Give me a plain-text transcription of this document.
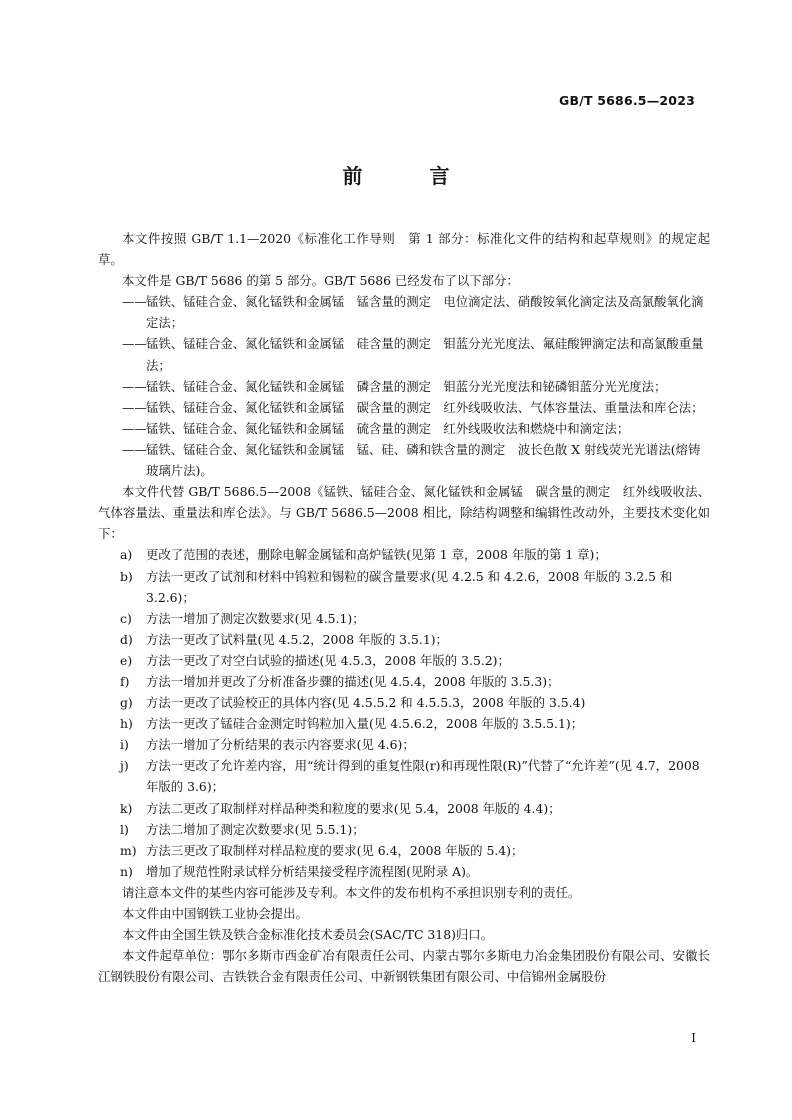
GB/T 5686.5—2023
前 言

本文件按照 GB/T 1.1—2020《标准化工作导则　第 1 部分：标准化文件的结构和起草规则》的规定起草。

本文件是 GB/T 5686 的第 5 部分。GB/T 5686 已经发布了以下部分：

—— 锰铁、锰硅合金、氮化锰铁和金属锰　锰含量的测定　电位滴定法、硝酸铵氧化滴定法及高氯酸氧化滴定法；

—— 锰铁、锰硅合金、氮化锰铁和金属锰　硅含量的测定　钼蓝分光光度法、氟硅酸钾滴定法和高氯酸重量法；

—— 锰铁、锰硅合金、氮化锰铁和金属锰　磷含量的测定　钼蓝分光光度法和铋磷钼蓝分光光度法；

—— 锰铁、锰硅合金、氮化锰铁和金属锰　碳含量的测定　红外线吸收法、气体容量法、重量法和库仑法；

—— 锰铁、锰硅合金、氮化锰铁和金属锰　硫含量的测定　红外线吸收法和燃烧中和滴定法；

—— 锰铁、锰硅合金、氮化锰铁和金属锰　锰、硅、磷和铁含量的测定　波长色散 X 射线荧光光谱法(熔铸玻璃片法)。

本文件代替 GB/T 5686.5—2008《锰铁、锰硅合金、氮化锰铁和金属锰　碳含量的测定　红外线吸收法、气体容量法、重量法和库仑法》。与 GB/T 5686.5—2008 相比，除结构调整和编辑性改动外，主要技术变化如下：

a) 更改了范围的表述，删除电解金属锰和高炉锰铁(见第 1 章，2008 年版的第 1 章)；

b) 方法一更改了试剂和材料中钨粒和锡粒的碳含量要求(见 4.2.5 和 4.2.6，2008 年版的 3.2.5 和 3.2.6)；

c) 方法一增加了测定次数要求(见 4.5.1)；

d) 方法一更改了试料量(见 4.5.2，2008 年版的 3.5.1)；

e) 方法一更改了对空白试验的描述(见 4.5.3，2008 年版的 3.5.2)；

f) 方法一增加并更改了分析准备步骤的描述(见 4.5.4，2008 年版的 3.5.3)；

g) 方法一更改了试验校正的具体内容(见 4.5.5.2 和 4.5.5.3，2008 年版的 3.5.4)

h) 方法一更改了锰硅合金测定时钨粒加入量(见 4.5.6.2，2008 年版的 3.5.5.1)；

i) 方法一增加了分析结果的表示内容要求(见 4.6)；

j) 方法一更改了允许差内容，用“统计得到的重复性限(r)和再现性限(R)”代替了“允许差”(见 4.7，2008 年版的 3.6)；

k) 方法二更改了取制样对样品种类和粒度的要求(见 5.4，2008 年版的 4.4)；

l) 方法二增加了测定次数要求(见 5.5.1)；

m) 方法三更改了取制样对样品粒度的要求(见 6.4，2008 年版的 5.4)；

n) 增加了规范性附录试样分析结果接受程序流程图(见附录 A)。

请注意本文件的某些内容可能涉及专利。本文件的发布机构不承担识别专利的责任。

本文件由中国钢铁工业协会提出。

本文件由全国生铁及铁合金标准化技术委员会(SAC/TC 318)归口。

本文件起草单位：鄂尔多斯市西金矿冶有限责任公司、内蒙古鄂尔多斯电力冶金集团股份有限公司、安徽长江钢铁股份有限公司、吉铁铁合金有限责任公司、中新钢铁集团有限公司、中信锦州金属股份

I
